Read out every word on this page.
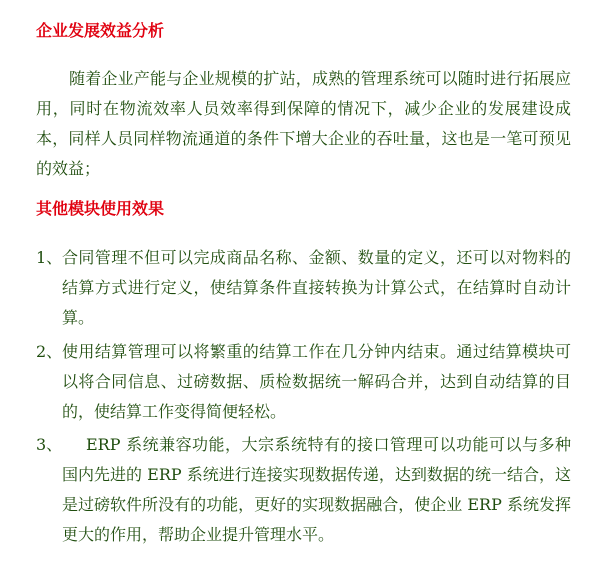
企业发展效益分析
随着企业产能与企业规模的扩站，成熟的管理系统可以随时进行拓展应用，同时在物流效率人员效率得到保障的情况下，减少企业的发展建设成本，同样人员同样物流通道的条件下增大企业的吞吐量，这也是一笔可预见的效益；
其他模块使用效果
1、 合同管理不但可以完成商品名称、金额、数量的定义，还可以对物料的结算方式进行定义，使结算条件直接转换为计算公式，在结算时自动计算。
2、 使用结算管理可以将繁重的结算工作在几分钟内结束。通过结算模块可以将合同信息、过磅数据、质检数据统一解码合并，达到自动结算的目的，使结算工作变得简便轻松。
3、 ERP 系统兼容功能，大宗系统特有的接口管理可以功能可以与多种国内先进的 ERP 系统进行连接实现数据传递，达到数据的统一结合，这是过磅软件所没有的功能，更好的实现数据融合，使企业 ERP 系统发挥更大的作用，帮助企业提升管理水平。
